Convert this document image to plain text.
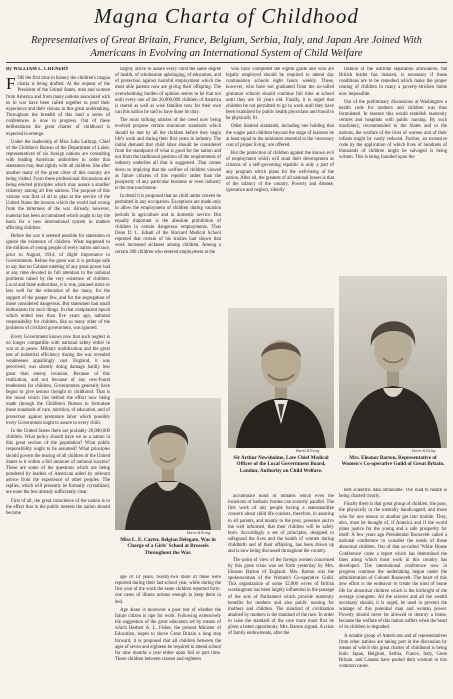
Magna Charta of Childhood
Representatives of Great Britain, France, Belgium, Serbia, Italy, and Japan Are Joined With Americans in Evolving an International System of Child Welfare

By WILLIAM L. CHENERY

FOR the first time in history the children's magna charta is being drafted. At the request of the President of the United States, men and women from America and from many nations associated with us in war have been called together to pool their experience and their visions in this great undertaking. Throughout the breadth of this land a series of conferences is now in progress. Out of these deliberations the great charter of childhood is expected to emerge.

Under the leadership of Miss Julia Lathrop, Chief of the Children's Bureau of the Department of Labor, representatives of six foreign nations are consulting with leading American authorities in order that statesmen may deal rightly with all children. She after another many of the great cities of this country are being visited. From these professional discussions are being erected principles which may assure a sturdier citizenry among all free nations. The purpose of this various was first of all to plan at the service of the United States the lessons which the world had wrung from the bitterness of the war. Already, however, material has been accumulated which ought to lay the basis for a new international system in matters affecting children.

Before the war it seemed possible for statesmen to ignore the existence of children. What happened to the millions of young people of every nation and race, prior to August, 1914, of slight importance to Governments. Before the great war, it is perhaps safe to say that no Cabinet meeting of any great power had at any time devoted its full attention to the national problems raised by the very existence of children. Local and State authorities, it is true, planned more or less well for the education of the many, for the support of the pauper few, and for the segregation of those considered dangerous. But statesmen had small enthusiasm for such things. In that complacent epoch which ended less than five years ago, national responsibility for children, like so many other of the problems of civilized government, was ignored.

Every Government knows now that such neglect is no longer compatible with national safety either in war or in peace. Military mobilization and the great test of industrial efficiency during the war revealed weaknesses appallingly vast. England, it was perceived, was silently doing damage hardly less great than enemy invasion. Because of this realization, and not because of any new-found tenderness for children, Governments generally have begun to give serious thought to childhood. That is the mood which lies behind the effort now being made through the Children's Bureau to formulate those standards of care, nutrition, of education, and of protection against premature labor which possibly every Government ought to assure to every child.

In the United States there are probably 20,000,000 children. What policy should have we as a nation in this great section of the population? What public responsibility ought to be assumed? What principles should govern the rearing of all children of the United States is it within a full measure of national success? These are some of the questions which are being pondered by leaders of American aided by relevant advice from the experience of other peoples. The replies, which will presently be formally crystallized, are none the less already sufficiently clear.

First of all, the great conscience of the nation is to the effect that in the public interest the nation should become

largely active to assure every child the same degree of health, of wholesome upbringing, of education, and of protection against harmful employment which the most able parents now are giving their offspring. The overwhelming burden of opinion seems to be that not until every one of the 20,000,000 children of America is reared as well as wise families now for their own can this nation be said to have done its duty.

The most striking articles of the creed now being evolved propose certain minimum standards which should be met by all the children before they begin life's work and during their first years in industry. The initial demand that child labor should be considered from the standpoint of what is good for the nation and not from the traditional position of the requirements of industry underlies all that is suggested. That comes down to implying that the welfare of children viewed as future citizens of this republic rather than the prosperity of any particular business or even industry is the true touchstone.

In detail it is proposed that no child under sixteen be permitted in any occupation. Exceptions are made only to allow the employment of children during vacation periods in agriculture and in domestic service. But equally important is the absolute prohibition of children in certain dangerous employments. Thus Dean D. L. Edsall of the Harvard Medical School reported that certain of his studies had shown that work increased sickness among children. Among a certain 300 children who entered employment at the

who have completed the eighth grade and who are legally employed should be required to attend day continuation schools eight hours weekly. These, however, who have not graduated from the so-called grammar schools should continue full time at school until they are 16 years old. Finally, it is urged that children be not permitted to go to work until they have been examined by public health physicians and found to be physically fit.

Other kindred standards, including one holding that the wages paid children beyond the stage of learners be at least equal to the minimum essential to the 'necessary cost of proper living,' are offered.

But the protection of children against the known evil of employment which will stunt their development as citizens of a self-governing republic is only a part of any program which plans for the well-being of the nation. After all, the greatest of all national losses is that of the infancy of the country. Poverty and disease, ignorance and neglect, silently

fashion of the wartime separation allowances, the British leader has insisted, is necessary if those conditions are to be remedied which make the proper rearing of children in many a poverty-stricken home now impossible.

Out of the preliminary discussions at Washington a health code for mothers and children was thus formulated. In essence this would establish maternity centres and hospitals with public nursing. By such machinery, recommended to the States and to the nations, the warfare of the lives of women and of their infants might be vastly reduced. Further, an extensive code by the application of which lives of hundreds of thousands of children might be salvaged is being written. This is being founded upon the

Harris & Ewing
Sir Arthur Newsholme, Late Chief Medical Officer of the Local Government Board, London; Authority on Child Welfare.
Harris & Ewing
Mrs. Eleanor Barton, Representative of Women's Co-operative Guild of Great Britain.

best scientific data obtainable. The road to health is being charted clearly.

Finally there is that great group of children, the poor, the physically or the mentally handicapped, and those who for one reason or another get into trouble. They, also, must be thought of, if America and if the world plans justice for the young and a safe prosperity for itself. A few years ago Presidential Roosevelt called a national conference to consider the needs of those abnormal children. Out of that so-called 'White House Conference' came a report which has determined the lines along which most work in this country has developed. The international conference now in progress continue the undertaking begun under the administration of Colonel Roosevelt. The heart of this new effort is the endeavor to create the kind of home life for abnormal children which is the birthright of the average youngster. All the science and all the wealth necessary should, it is urged, be used to prevent the wastage of this potential man and woman power. Poverty should never be allowed to destroy a home, because the welfare of this nation suffers when the heart of its children is degraded.

A notable group of Americans and of representatives from other nations are taking part in the discussion by means of which this great charter of childhood is being built. Japan, Belgium, Serbia, France, Italy, Great Britain, and Canada have pooled their wisdom in this common cause.

accumulate hosts of inmates which even the invasions of barbaric hordes can scarcely parallel. The first work of any people having a statesmanlike concern about child life consists, therefore, in assuring to all parents, and mainly to the poor, presence and to the well informed, that their children will be safely born. Accordingly a set of principles, designed to safeguard the lives and the health of women during childbirth and of their offspring, has been drawn up and is now being discussed throughout the country.

The point of view of the foreign women concerned by this great crisis was set forth yesterday by Mrs. Eleanor Barton of England. Mrs. Barton was the spokeswoman of the Women's Co-operative Guild. This organization of some 32,000 wives of British workingmen has been largely influential in the passage of the acts of Parliament which provide maternity benefits for mothers and also public nursing for mothers and children. The standard of civilization attained by mothers is the standard of the race. In order to raise the standard of the race more must first be given a better opportunity. Mrs. Barton argued. A crisis of family endowments, after the

Harris & Ewing
Miss L. E. Carter, Belgian Delegate, Was in Charge of a Girls' School at Brussels Throughout the War.

age of 14 years, twenty-two more of these were reported during their last school year, while during the first year of the work the same children reported forty-one cases of illness serious enough to keep them in bed.

Age alone is moreover a poor test of whether the future citizen is ripe for work. Following extensively the suggestion of the great educators set by means of which Herbert A. L. Fisher, the present Minister of Education, hopes to shove Great Britain a long step forward, it is proposed that all children between the ages of seven and eighteen be required to attend school for nine months a year either upon full or part time. These children between sixteen and eighteen
